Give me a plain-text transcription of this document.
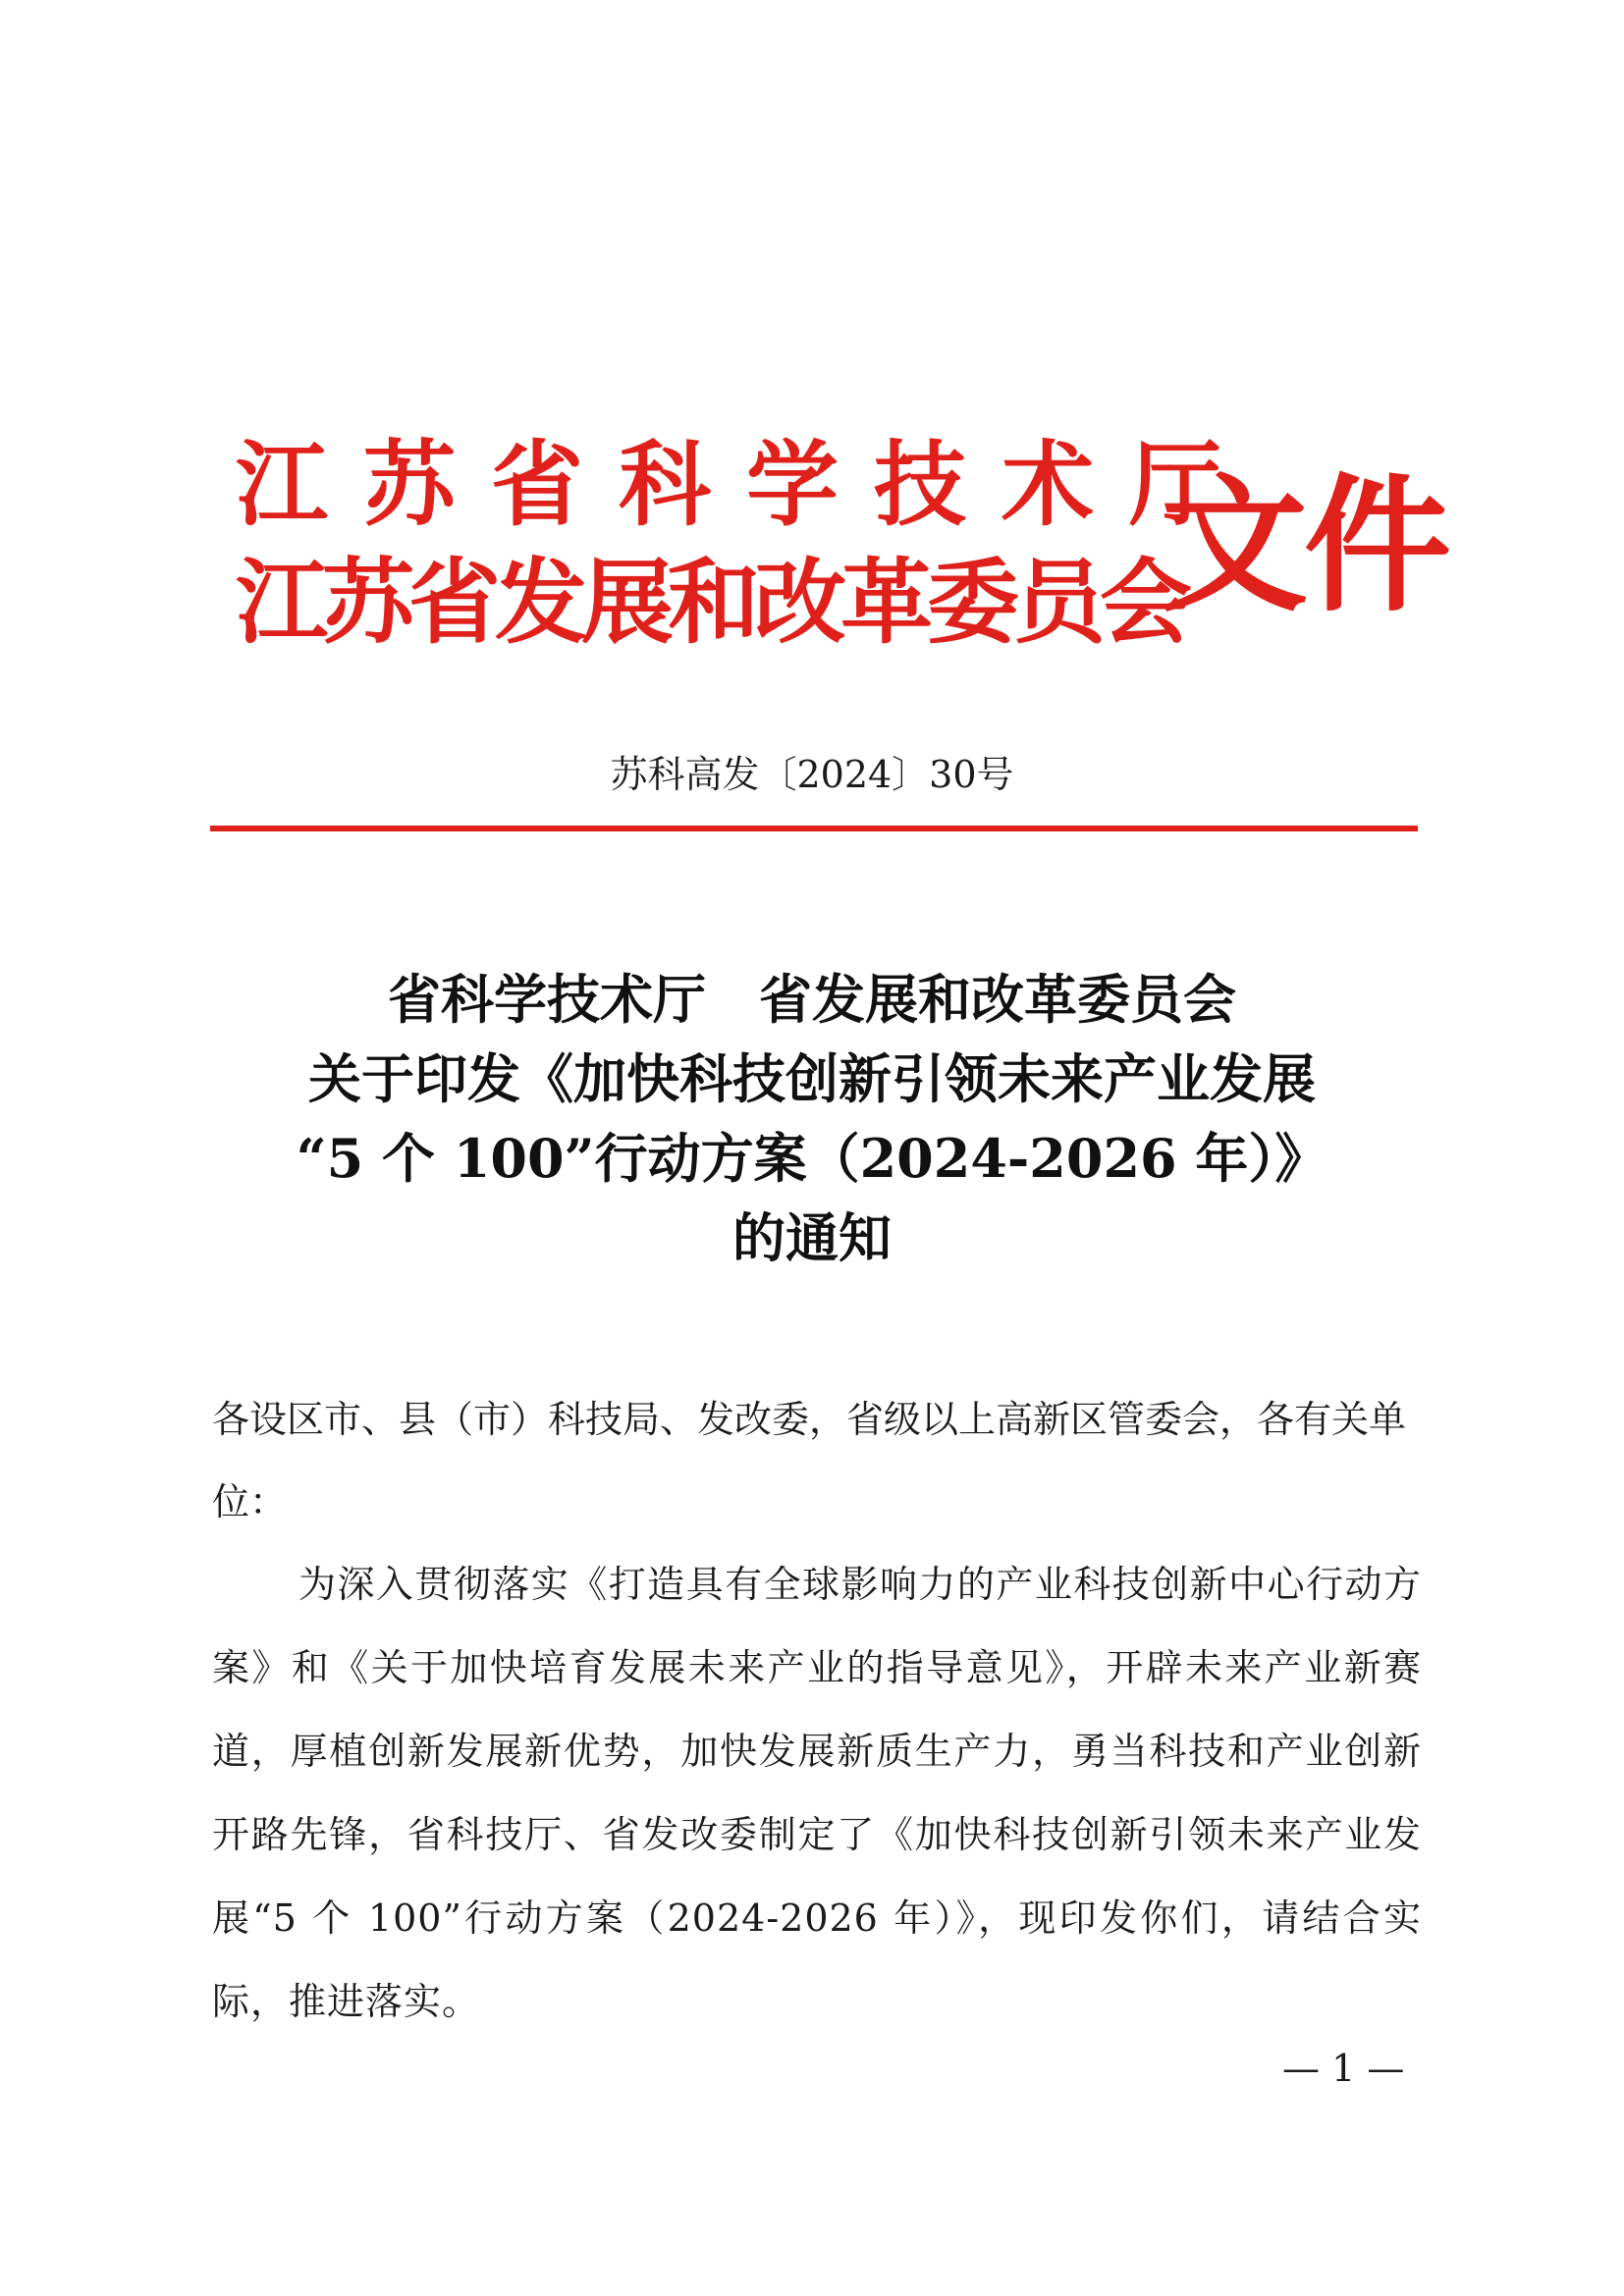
江苏省科学技术厅
江苏省发展和改革委员会
文件
苏科高发〔2024〕30号
省科学技术厅　省发展和改革委员会
关于印发《加快科技创新引领未来产业发展
“5 个 100”行动方案（2024-2026 年）》
的通知
各设区市、县（市）科技局、发改委，省级以上高新区管委会，各有关单位：
为深入贯彻落实《打造具有全球影响力的产业科技创新中心行动方案》和《关于加快培育发展未来产业的指导意见》，开辟未来产业新赛道，厚植创新发展新优势，加快发展新质生产力，勇当科技和产业创新开路先锋，省科技厅、省发改委制定了《加快科技创新引领未来产业发展“5 个 100”行动方案（2024-2026 年）》，现印发你们，请结合实际，推进落实。
— 1 —
